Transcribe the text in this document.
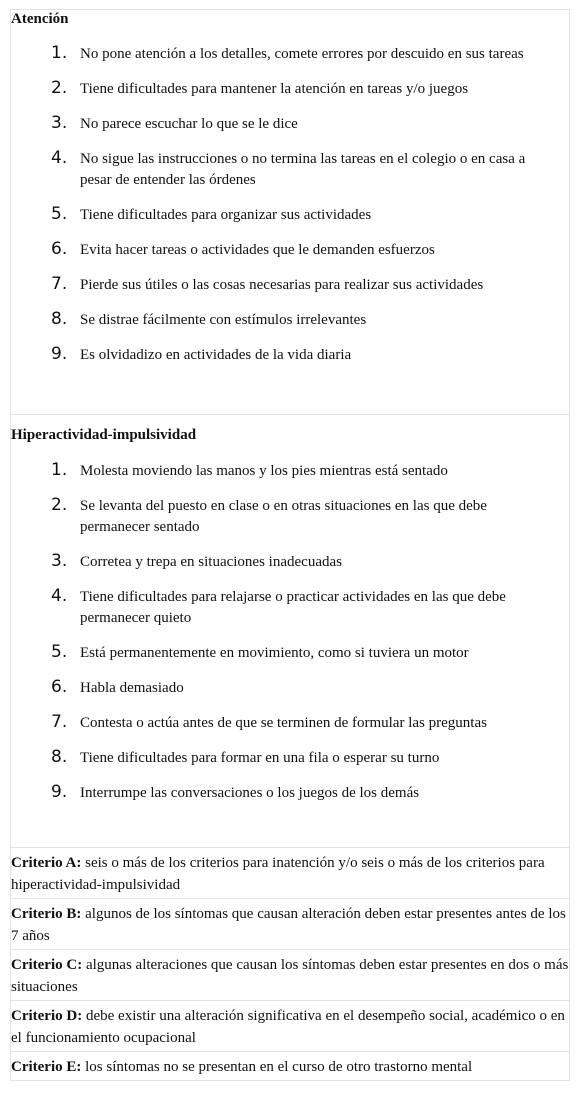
Atención
1. No pone atención a los detalles, comete errores por descuido en sus tareas
2. Tiene dificultades para mantener la atención en tareas y/o juegos
3. No parece escuchar lo que se le dice
4. No sigue las instrucciones o no termina las tareas en el colegio o en casa a pesar de entender las órdenes
5. Tiene dificultades para organizar sus actividades
6. Evita hacer tareas o actividades que le demanden esfuerzos
7. Pierde sus útiles o las cosas necesarias para realizar sus actividades
8. Se distrae fácilmente con estímulos irrelevantes
9. Es olvidadizo en actividades de la vida diaria
Hiperactividad-impulsividad
1. Molesta moviendo las manos y los pies mientras está sentado
2. Se levanta del puesto en clase o en otras situaciones en las que debe permanecer sentado
3. Corretea y trepa en situaciones inadecuadas
4. Tiene dificultades para relajarse o practicar actividades en las que debe permanecer quieto
5. Está permanentemente en movimiento, como si tuviera un motor
6. Habla demasiado
7. Contesta o actúa antes de que se terminen de formular las preguntas
8. Tiene dificultades para formar en una fila o esperar su turno
9. Interrumpe las conversaciones o los juegos de los demás
Criterio A: seis o más de los criterios para inatención y/o seis o más de los criterios para hiperactividad-impulsividad
Criterio B: algunos de los síntomas que causan alteración deben estar presentes antes de los 7 años
Criterio C: algunas alteraciones que causan los síntomas deben estar presentes en dos o más situaciones
Criterio D: debe existir una alteración significativa en el desempeño social, académico o en el funcionamiento ocupacional
Criterio E: los síntomas no se presentan en el curso de otro trastorno mental
